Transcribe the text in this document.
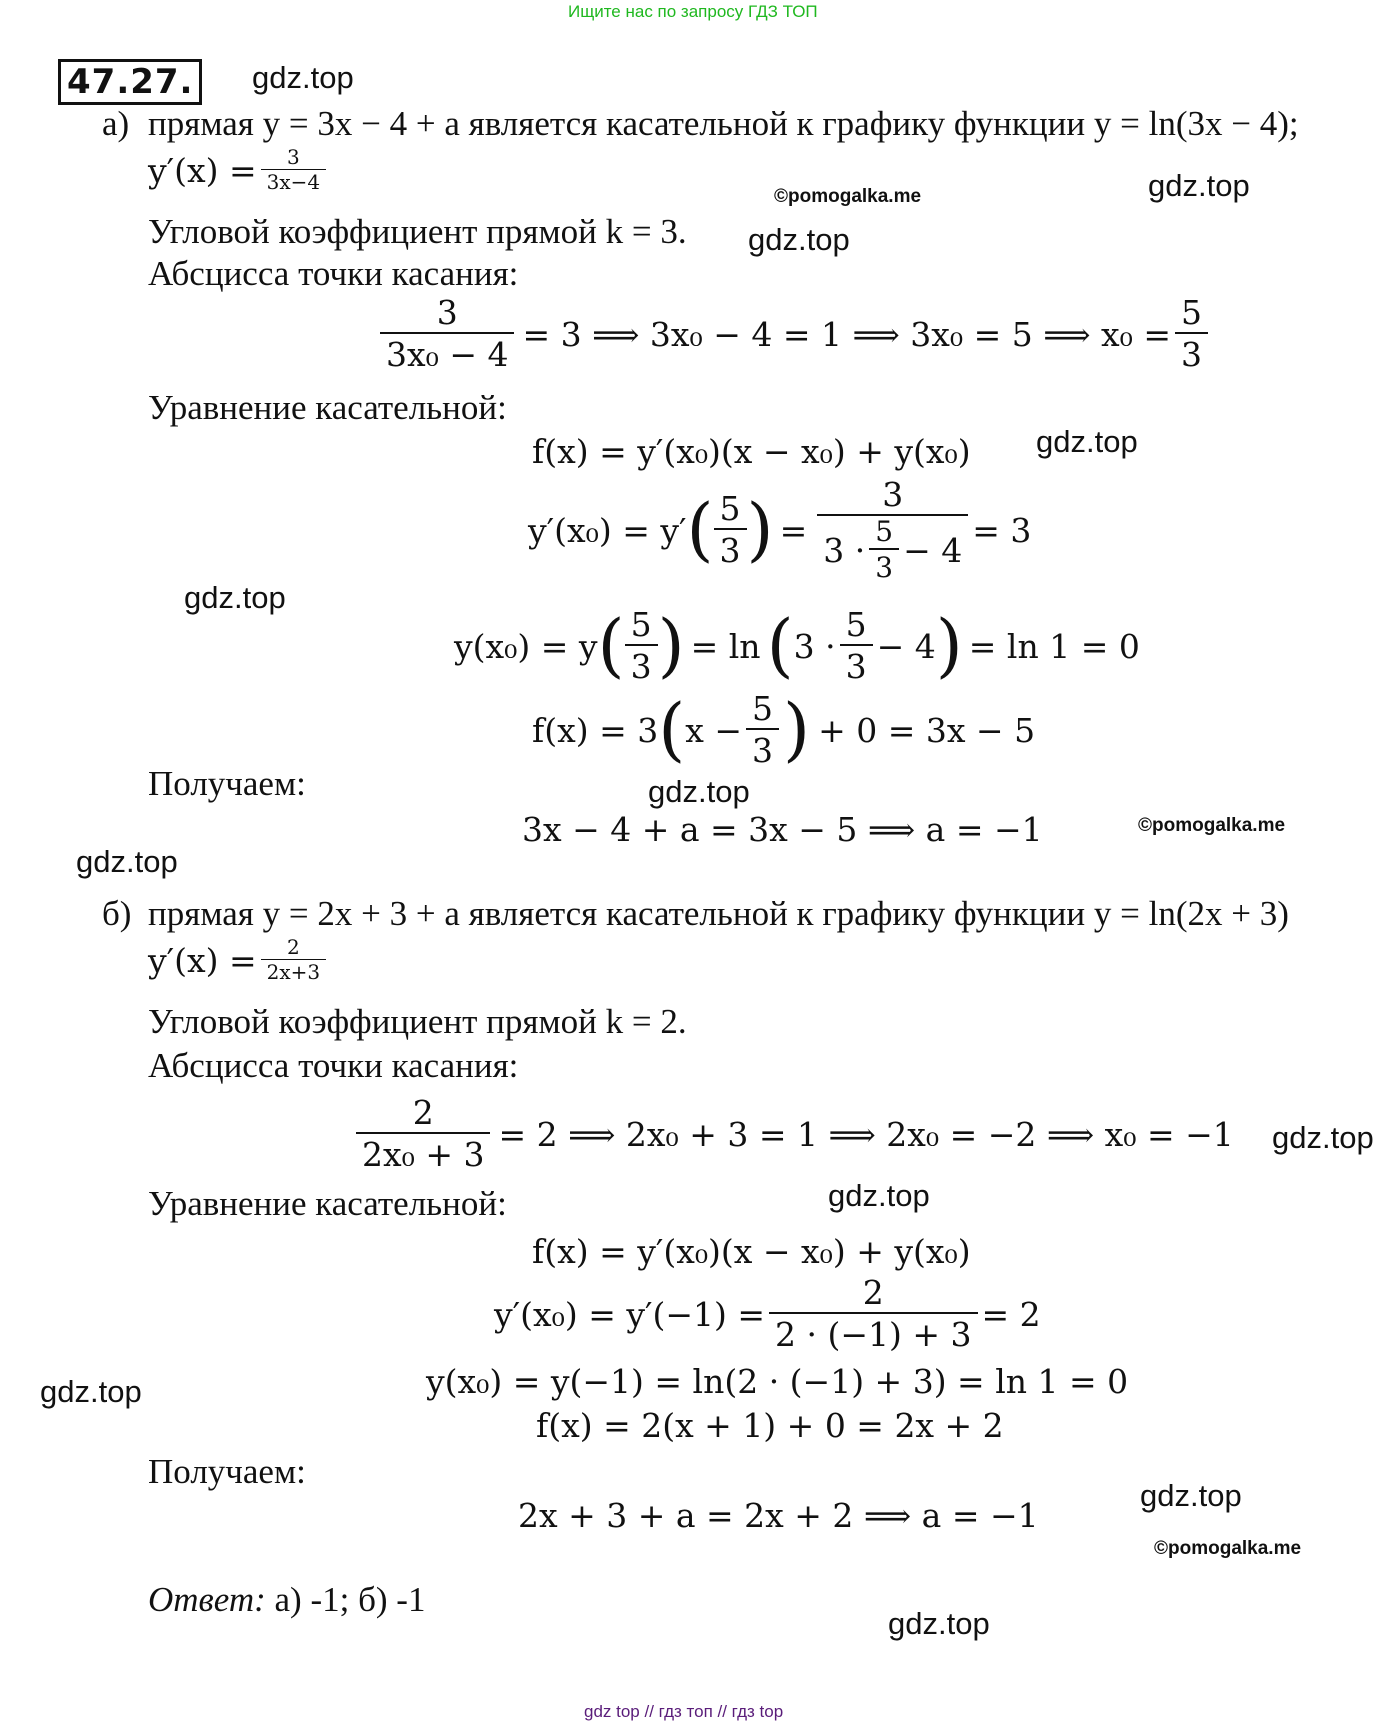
Ищите нас по запросу ГДЗ ТОП
47.27. gdz.top
gdz.top
gdz.top
gdz.top
gdz.top
gdz.top
gdz.top
gdz.top
gdz.top
gdz.top
gdz.top
gdz.top
©pomogalka.me
©pomogalka.me
©pomogalka.me
а) прямая y = 3x − 4 + a является касательной к графику функции y = ln(3x − 4);
$y'(x) = \frac{3}{3x-4}$
Угловой коэффициент прямой k = 3.
Абсцисса точки касания:
$\frac{3}{\text{3x₀ − 4}} = 3$ ⟹ 3x₀ − 4 = 1 ⟹ 3x₀ = 5 ⟹ $x_0 = \frac{5}{3}$
Уравнение касательной:
f(x) = y′(x₀)(x − x₀) + y(x₀)
y′(x₀) = y′ ( $\frac{5}{3}$ ) = $\frac{3}{3 \cdot \frac{5}{3} - 4} = 3$
y(x₀) = y ( $\frac{5}{3}$ ) = ln ( $3 \cdot \frac{5}{3} - 4$ ) = ln 1 = 0
f(x) = 3 ( $x - \frac{5}{3}$ ) + 0 = 3x − 5
Получаем:
3x − 4 + a = 3x − 5 ⟹ a = −1
б) прямая y = 2x + 3 + a является касательной к графику функции y = ln(2x + 3)
$y'(x) = \frac{2}{2x+3}$
Угловой коэффициент прямой k = 2.
Абсцисса точки касания:
$\frac{2}{\text{2x₀ + 3}} = 2$ ⟹ 2x₀ + 3 = 1 ⟹ 2x₀ = −2 ⟹ x₀ = −1
Уравнение касательной:
f(x) = y′(x₀)(x − x₀) + y(x₀)
$y'(x_0) = y'(-1) = \frac{2}{2 \cdot (-1) + 3} = 2$
y(x₀) = y(−1) = ln(2 · (−1) + 3) = ln 1 = 0
f(x) = 2(x + 1) + 0 = 2x + 2
Получаем:
2x + 3 + a = 2x + 2 ⟹ a = −1
Ответ: а) -1; б) -1
gdz top // гдз топ // гдз top
